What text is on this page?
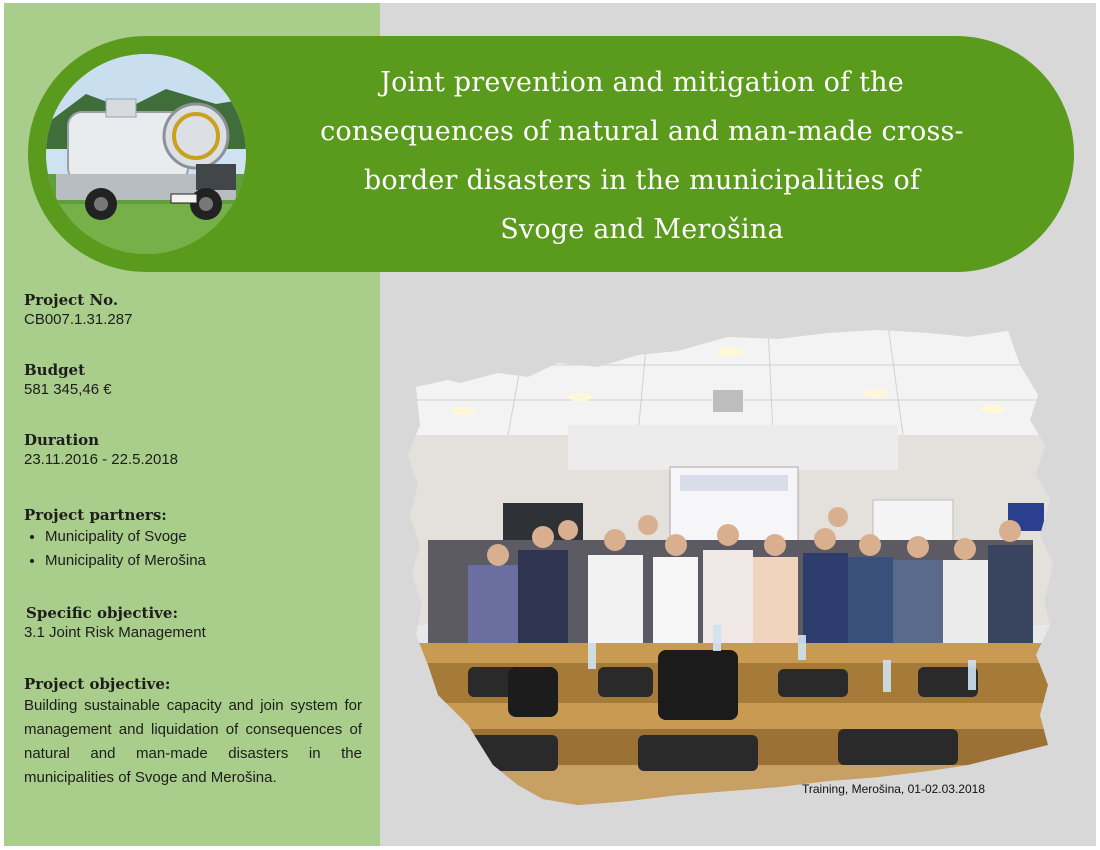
Joint prevention and mitigation of the
consequences of natural and man-made cross-
border disasters in the municipalities of
Svoge and Merošina
Project No.
CB007.1.31.287
Budget
581 345,46 €
Duration
23.11.2016 - 22.5.2018
Project partners:
• Municipality of Svoge
• Municipality of Merošina
Specific objective:
3.1 Joint Risk Management
Project objective:
Building sustainable capacity and join system for management and liquidation of consequences of natural and man-made disasters in the municipalities of Svoge and Merošina.
Training, Merošina, 01-02.03.2018
